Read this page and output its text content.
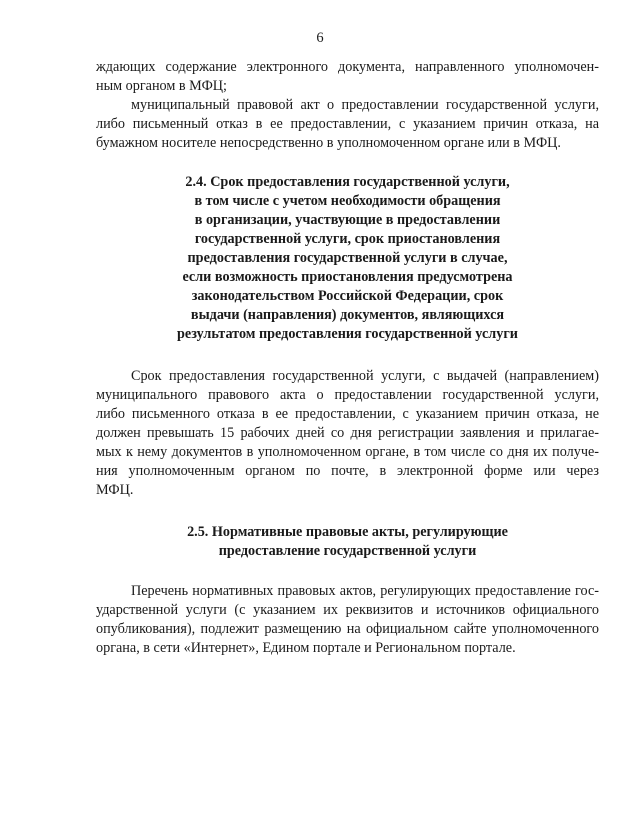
6
ждающих содержание электронного документа, направленного уполномочен-
ным органом в МФЦ;
муниципальный правовой акт о предоставлении государственной услуги,
либо письменный отказ в ее предоставлении, с указанием причин отказа, на
бумажном носителе непосредственно в уполномоченном органе или в МФЦ.
2.4. Срок предоставления государственной услуги,
в том числе с учетом необходимости обращения
в организации, участвующие в предоставлении
государственной услуги, срок приостановления
предоставления государственной услуги в случае,
если возможность приостановления предусмотрена
законодательством Российской Федерации, срок
выдачи (направления) документов, являющихся
результатом предоставления государственной услуги
Срок предоставления государственной услуги, с выдачей (направлением)
муниципального правового акта о предоставлении государственной услуги,
либо письменного отказа в ее предоставлении, с указанием причин отказа, не
должен превышать 15 рабочих дней со дня регистрации заявления и прилагае-
мых к нему документов в уполномоченном органе, в том числе со дня их получе-
ния уполномоченным органом по почте, в электронной форме или через
МФЦ.
2.5. Нормативные правовые акты, регулирующие
предоставление государственной услуги
Перечень нормативных правовых актов, регулирующих предоставление гос-
ударственной услуги (с указанием их реквизитов и источников официального
опубликования), подлежит размещению на официальном сайте уполномоченного
органа, в сети «Интернет», Едином портале и Региональном портале.
